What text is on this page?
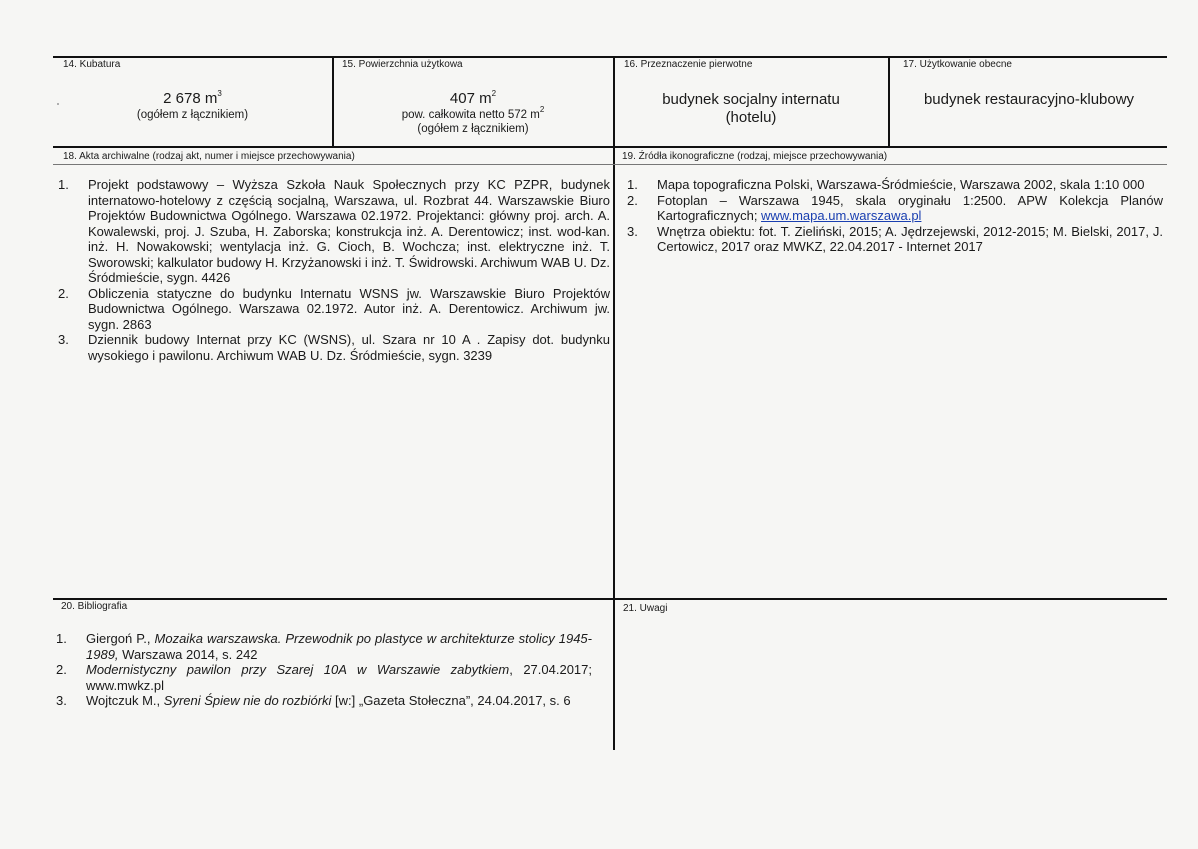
14. Kubatura
2 678 $m^3$
(ogółem z łącznikiem)
15. Powierzchnia użytkowa
407 $m^2$
pow. całkowita netto 572 $m^2$
(ogółem z łącznikiem)
16. Przeznaczenie pierwotne
budynek socjalny internatu
(hotelu)
17. Użytkowanie obecne
budynek restauracyjno-klubowy
18. Akta archiwalne (rodzaj akt, numer i miejsce przechowywania)
1. Projekt podstawowy – Wyższa Szkoła Nauk Społecznych przy KC PZPR, budynek internatowo-hotelowy z częścią socjalną, Warszawa, ul. Rozbrat 44. Warszawskie Biuro Projektów Budownictwa Ogólnego. Warszawa 02.1972. Projektanci: główny proj. arch. A. Kowalewski, proj. J. Szuba, H. Zaborska; konstrukcja inż. A. Derentowicz; inst. wod-kan. inż. H. Nowakowski; wentylacja inż. G. Cioch, B. Wochcza; inst. elektryczne inż. T. Sworowski; kalkulator budowy H. Krzyżanowski i inż. T. Świdrowski. Archiwum WAB U. Dz. Śródmieście, sygn. 4426
2. Obliczenia statyczne do budynku Internatu WSNS jw. Warszawskie Biuro Projektów Budownictwa Ogólnego. Warszawa 02.1972. Autor inż. A. Derentowicz. Archiwum jw. sygn. 2863
3. Dziennik budowy Internat przy KC (WSNS), ul. Szara nr 10 A . Zapisy dot. budynku wysokiego i pawilonu. Archiwum WAB U. Dz. Śródmieście, sygn. 3239
19. Źródła ikonograficzne (rodzaj, miejsce przechowywania)
1. Mapa topograficzna Polski, Warszawa-Śródmieście, Warszawa 2002, skala 1:10 000
2. Fotoplan – Warszawa 1945, skala oryginału 1:2500. APW Kolekcja Planów Kartograficznych; www.mapa.um.warszawa.pl
3. Wnętrza obiektu: fot. T. Zieliński, 2015; A. Jędrzejewski, 2012-2015; M. Bielski, 2017, J. Certowicz, 2017 oraz MWKZ, 22.04.2017 - Internet 2017
20. Bibliografia
1. Giergoń P., Mozaika warszawska. Przewodnik po plastyce w architekturze stolicy 1945-1989, Warszawa 2014, s. 242
2. Modernistyczny pawilon przy Szarej 10A w Warszawie zabytkiem, 27.04.2017; www.mwkz.pl
3. Wojtczuk M., Syreni Śpiew nie do rozbiórki [w:] „Gazeta Stołeczna”, 24.04.2017, s. 6
21. Uwagi
